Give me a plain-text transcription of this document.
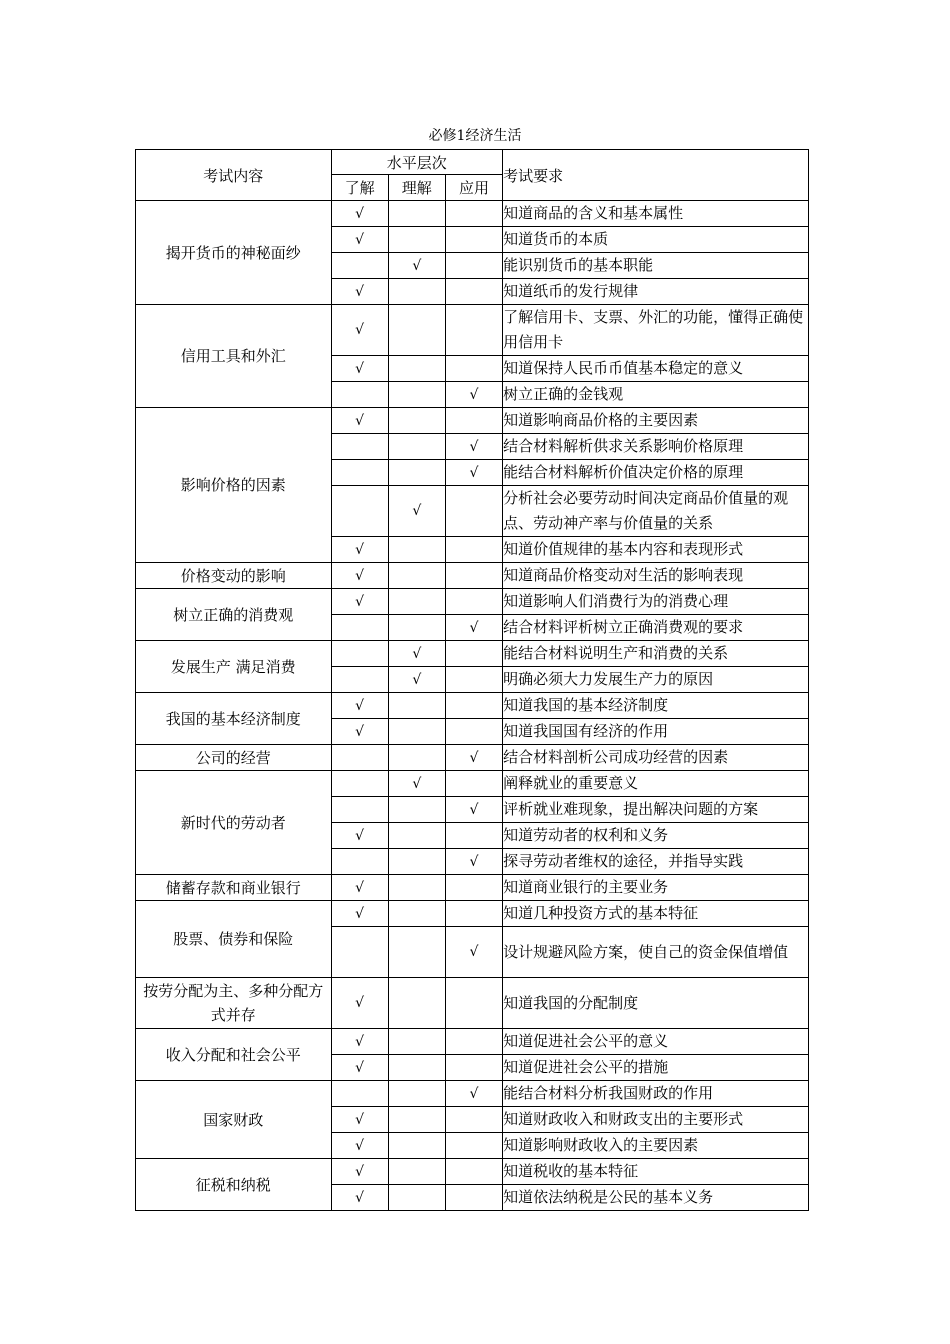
必修1经济生活
考试内容	水平层次			考试要求
	了解	理解	应用	
揭开货币的神秘面纱	√			知道商品的含义和基本属性
	√			知道货币的本质
		√		能识别货币的基本职能
	√			知道纸币的发行规律
信用工具和外汇	√			了解信用卡、支票、外汇的功能，懂得正确使用信用卡
	√			知道保持人民币币值基本稳定的意义
			√	树立正确的金钱观
影响价格的因素	√			知道影响商品价格的主要因素
			√	结合材料解析供求关系影响价格原理
			√	能结合材料解析价值决定价格的原理
		√		分析社会必要劳动时间决定商品价值量的观点、劳动神产率与价值量的关系
	√			知道价值规律的基本内容和表现形式
价格变动的影响	√			知道商品价格变动对生活的影响表现
树立正确的消费观	√			知道影响人们消费行为的消费心理
			√	结合材料评析树立正确消费观的要求
发展生产 满足消费		√		能结合材料说明生产和消费的关系
		√		明确必须大力发展生产力的原因
我国的基本经济制度	√			知道我国的基本经济制度
	√			知道我国国有经济的作用
公司的经营			√	结合材料剖析公司成功经营的因素
新时代的劳动者		√		阐释就业的重要意义
			√	评析就业难现象，提出解决问题的方案
	√			知道劳动者的权利和义务
			√	探寻劳动者维权的途径，并指导实践
储蓄存款和商业银行	√			知道商业银行的主要业务
股票、债券和保险	√			知道几种投资方式的基本特征
			√	设计规避风险方案，使自己的资金保值增值
按劳分配为主、多种分配方式并存	√			知道我国的分配制度
收入分配和社会公平	√			知道促进社会公平的意义
	√			知道促进社会公平的措施
国家财政			√	能结合材料分析我国财政的作用
	√			知道财政收入和财政支出的主要形式
	√			知道影响财政收入的主要因素
征税和纳税	√			知道税收的基本特征
	√			知道依法纳税是公民的基本义务
